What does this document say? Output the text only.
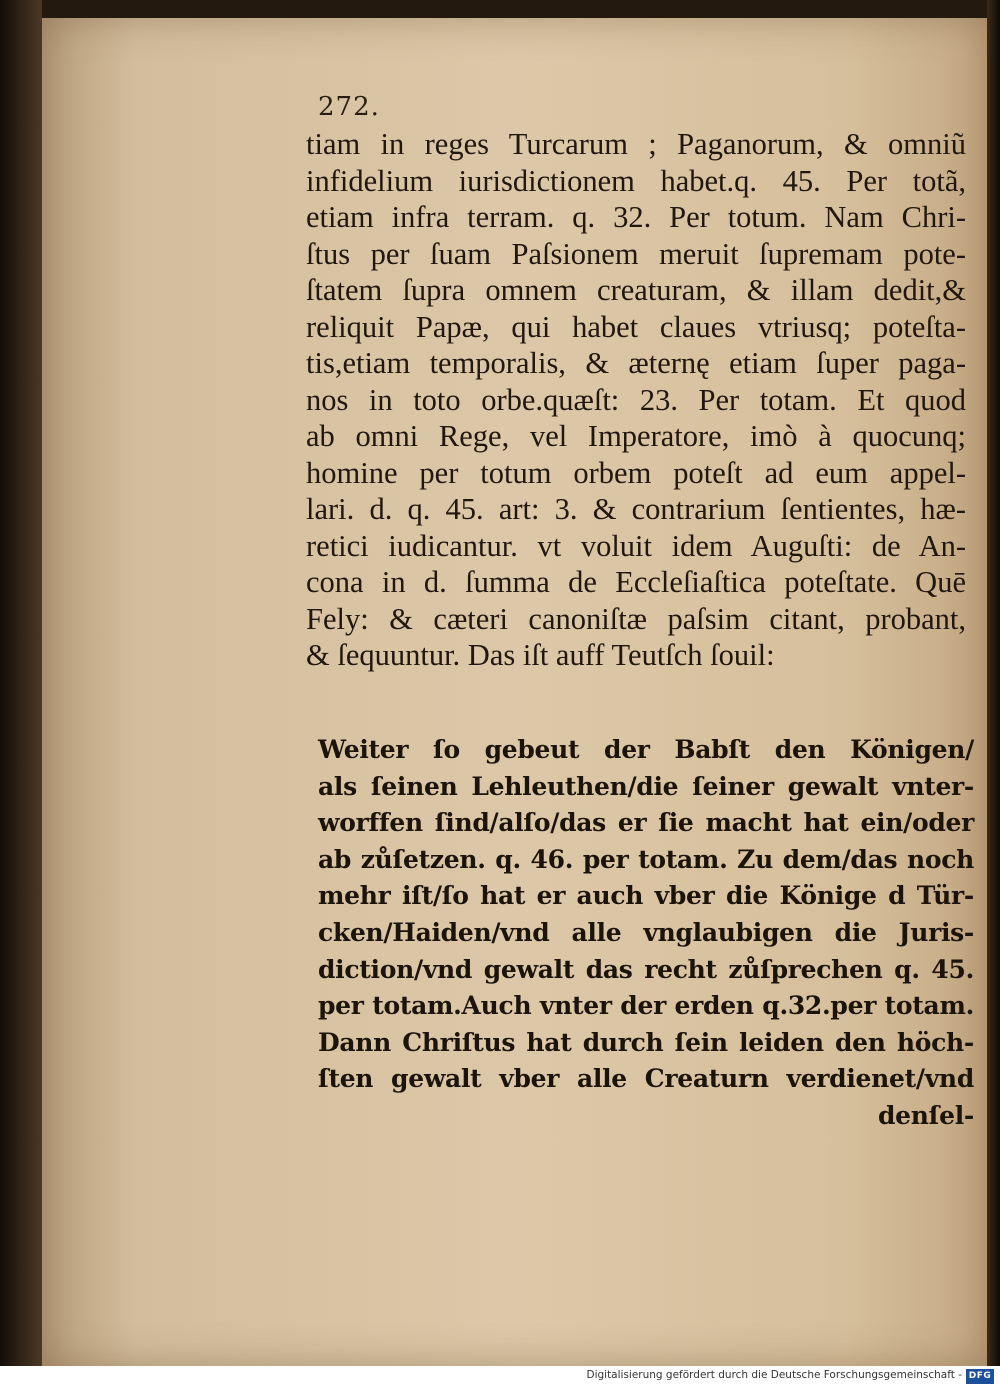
272.
tiam in reges Turcarum ; Paganorum, & omniũ
infidelium iurisdictionem habet.q. 45. Per totã,
etiam infra terram. q. 32. Per totum. Nam Chri-
ſtus per ſuam Paſsionem meruit ſupremam pote-
ſtatem ſupra omnem creaturam, & illam dedit,&
reliquit Papæ, qui habet claues vtriusq; poteſta-
tis,etiam temporalis, & æternę etiam ſuper paga-
nos in toto orbe.quæſt: 23. Per totam. Et quod
ab omni Rege, vel Imperatore, imò à quocunq;
homine per totum orbem poteſt ad eum appel-
lari. d. q. 45. art: 3. & contrarium ſentientes, hæ-
retici iudicantur. vt voluit idem Auguſti: de An-
cona in d. ſumma de Eccleſiaſtica poteſtate. Quē
Fely: & cæteri canoniſtæ paſsim citant, probant,
& ſequuntur. Das iſt auff Teutſch ſouil:
Weiter ſo gebeut der Babſt den Königen/
als ſeinen Lehleuthen/die ſeiner gewalt vnter-
worffen ſind/alſo/das er ſie macht hat ein/oder
ab zůſetzen. q. 46. per totam. Zu dem/das noch
mehr iſt/ſo hat er auch vber die Könige d Tür-
cken/Haiden/vnd alle vnglaubigen die Juris-
diction/vnd gewalt das recht zůſprechen q. 45.
per totam.Auch vnter der erden q.32.per totam.
Dann Chriſtus hat durch ſein leiden den höch-
ſten gewalt vber alle Creaturn verdienet/vnd
denſel-
Digitalisierung gefördert durch die Deutsche Forschungsgemeinschaft - DFG
